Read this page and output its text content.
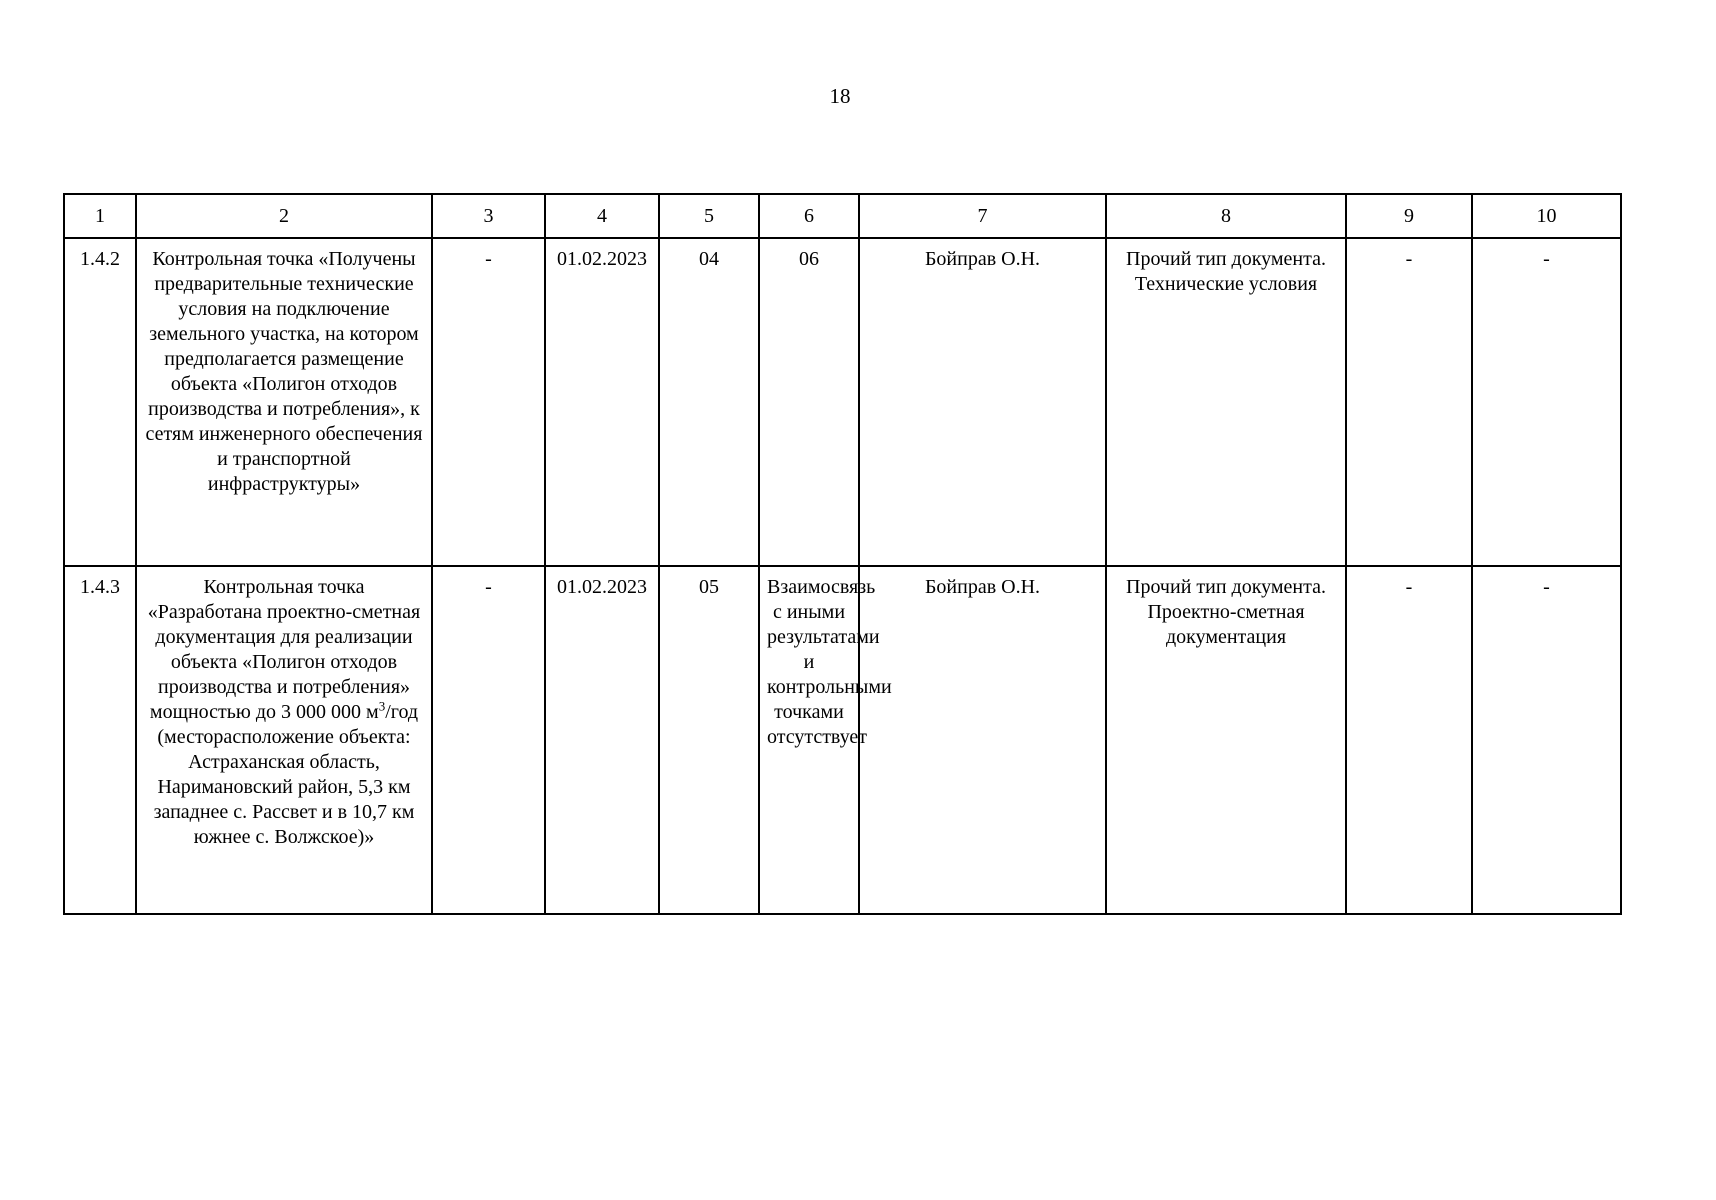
18
1	2	3	4	5	6	7	8	9	10
1.4.2	Контрольная точка «Получены предварительные технические условия на подключение земельного участка, на котором предполагается размещение объекта «Полигон отходов производства и потребления», к сетям инженерного обеспечения и транспортной инфраструктуры»	-	01.02.2023	04	06	Бойправ О.Н.	Прочий тип документа. Технические условия	-	-
1.4.3	Контрольная точка «Разработана проектно-сметная документация для реализации объекта «Полигон отходов производства и потребления» мощностью до 3 000 000 $м^3$/год (месторасположение объекта: Астраханская область, Наримановский район, 5,3 км западнее с. Рассвет и в 10,7 км южнее с. Волжское)»	-	01.02.2023	05	Взаимосвязь с иными результатами и контрольными точками отсутствует	Бойправ О.Н.	Прочий тип документа. Проектно-сметная документация	-	-
